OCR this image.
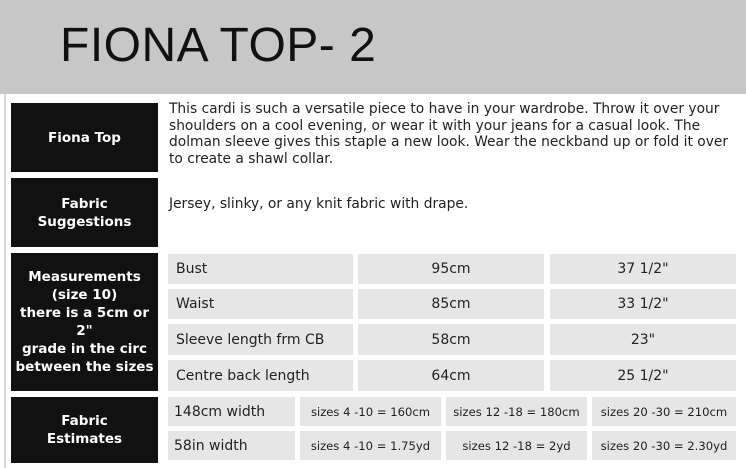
FIONA TOP- 2
Fiona Top
This cardi is such a versatile piece to have in your wardrobe. Throw it over your shoulders on a cool evening, or wear it with your jeans for a casual look. The dolman sleeve gives this staple a new look. Wear the neckband up or fold it over to create a shawl collar.
Fabric
Suggestions
Jersey, slinky, or any knit fabric with drape.
Measurements
(size 10)
there is a 5cm or 2"
grade in the circ
between the sizes
Bust	95cm	37 1/2"
Waist	85cm	33 1/2"
Sleeve length frm CB	58cm	23"
Centre back length	64cm	25 1/2"
Fabric
Estimates
148cm width	sizes 4 -10 = 160cm	sizes 12 -18 = 180cm	sizes 20 -30 = 210cm
58in width	sizes 4 -10 = 1.75yd	sizes 12 -18 = 2yd	sizes 20 -30 = 2.30yd
